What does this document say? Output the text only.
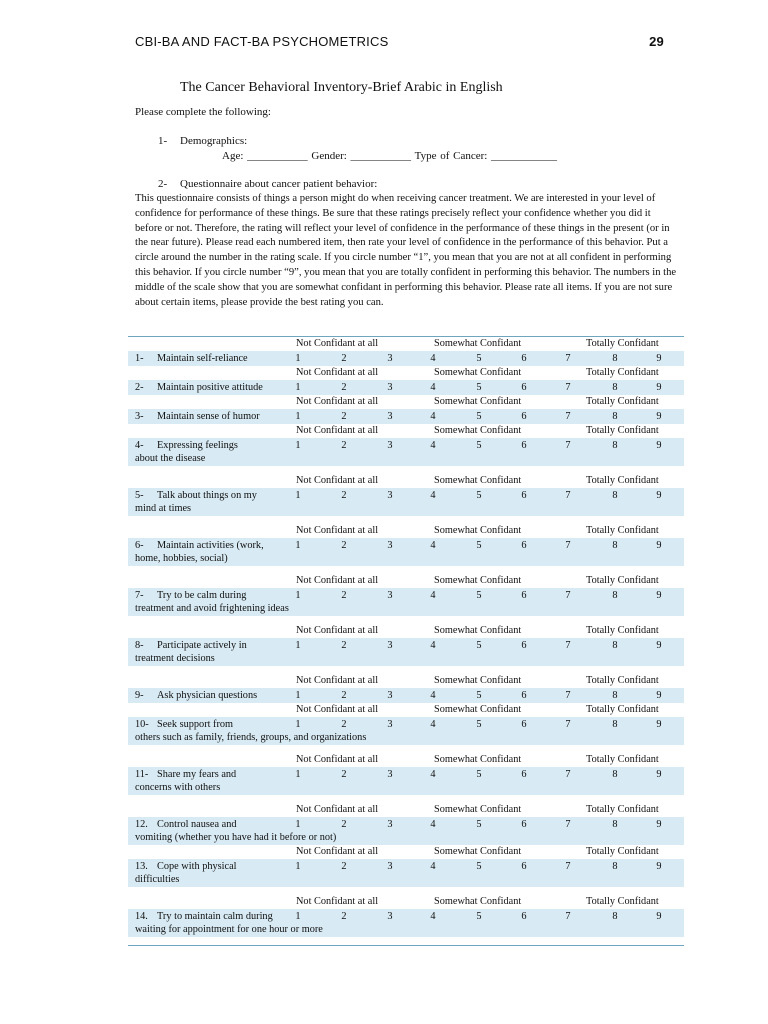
CBI-BA AND FACT-BA PSYCHOMETRICS	29
The Cancer Behavioral Inventory-Brief Arabic in English
Please complete the following:
1- Demographics:
Age: ___________ Gender: ___________ Type of Cancer: ____________
2- Questionnaire about cancer patient behavior:
This questionnaire consists of things a person might do when receiving cancer treatment. We are interested in your level of confidence for performance of these things. Be sure that these ratings precisely reflect your confidence whether you did it before or not. Therefore, the rating will reflect your level of confidence in the performance of these things in the present (or in the near future). Please read each numbered item, then rate your level of confidence in the performance of this behavior. Put a circle around the number in the rating scale. If you circle number “1”, you mean that you are not at all confident in performing this behavior. If you circle number “9”, you mean that you are totally confident in performing this behavior. The numbers in the middle of the scale show that you are somewhat confidant in performing this behavior. Please rate all items. If you are not sure about certain items, please provide the best rating you can.
Not Confidant at all	Somewhat Confidant	Totally Confidant
1- Maintain self-reliance	1	2	3	4	5	6	7	8	9
Not Confidant at all	Somewhat Confidant	Totally Confidant
2- Maintain positive attitude	1	2	3	4	5	6	7	8	9
Not Confidant at all	Somewhat Confidant	Totally Confidant
3- Maintain sense of humor	1	2	3	4	5	6	7	8	9
Not Confidant at all	Somewhat Confidant	Totally Confidant
4- Expressing feelings
about the disease
1	2	3	4	5	6	7	8	9
Not Confidant at all	Somewhat Confidant	Totally Confidant
5- Talk about things on my
mind at times
1	2	3	4	5	6	7	8	9
Not Confidant at all	Somewhat Confidant	Totally Confidant
6- Maintain activities (work,
home, hobbies, social)
1	2	3	4	5	6	7	8	9
Not Confidant at all	Somewhat Confidant	Totally Confidant
7- Try to be calm during
treatment and avoid frightening ideas
1	2	3	4	5	6	7	8	9
Not Confidant at all	Somewhat Confidant	Totally Confidant
8- Participate actively in
treatment decisions
1	2	3	4	5	6	7	8	9
Not Confidant at all	Somewhat Confidant	Totally Confidant
9- Ask physician questions	1	2	3	4	5	6	7	8	9
Not Confidant at all	Somewhat Confidant	Totally Confidant
10- Seek support from
others such as family, friends, groups, and organizations
1	2	3	4	5	6	7	8	9
Not Confidant at all	Somewhat Confidant	Totally Confidant
11- Share my fears and
concerns with others
1	2	3	4	5	6	7	8	9
Not Confidant at all	Somewhat Confidant	Totally Confidant
12. Control nausea and
vomiting (whether you have had it before or not)
1	2	3	4	5	6	7	8	9
Not Confidant at all	Somewhat Confidant	Totally Confidant
13. Cope with physical
difficulties
1	2	3	4	5	6	7	8	9
Not Confidant at all	Somewhat Confidant	Totally Confidant
14. Try to maintain calm during
waiting for appointment for one hour or more
1	2	3	4	5	6	7	8	9
